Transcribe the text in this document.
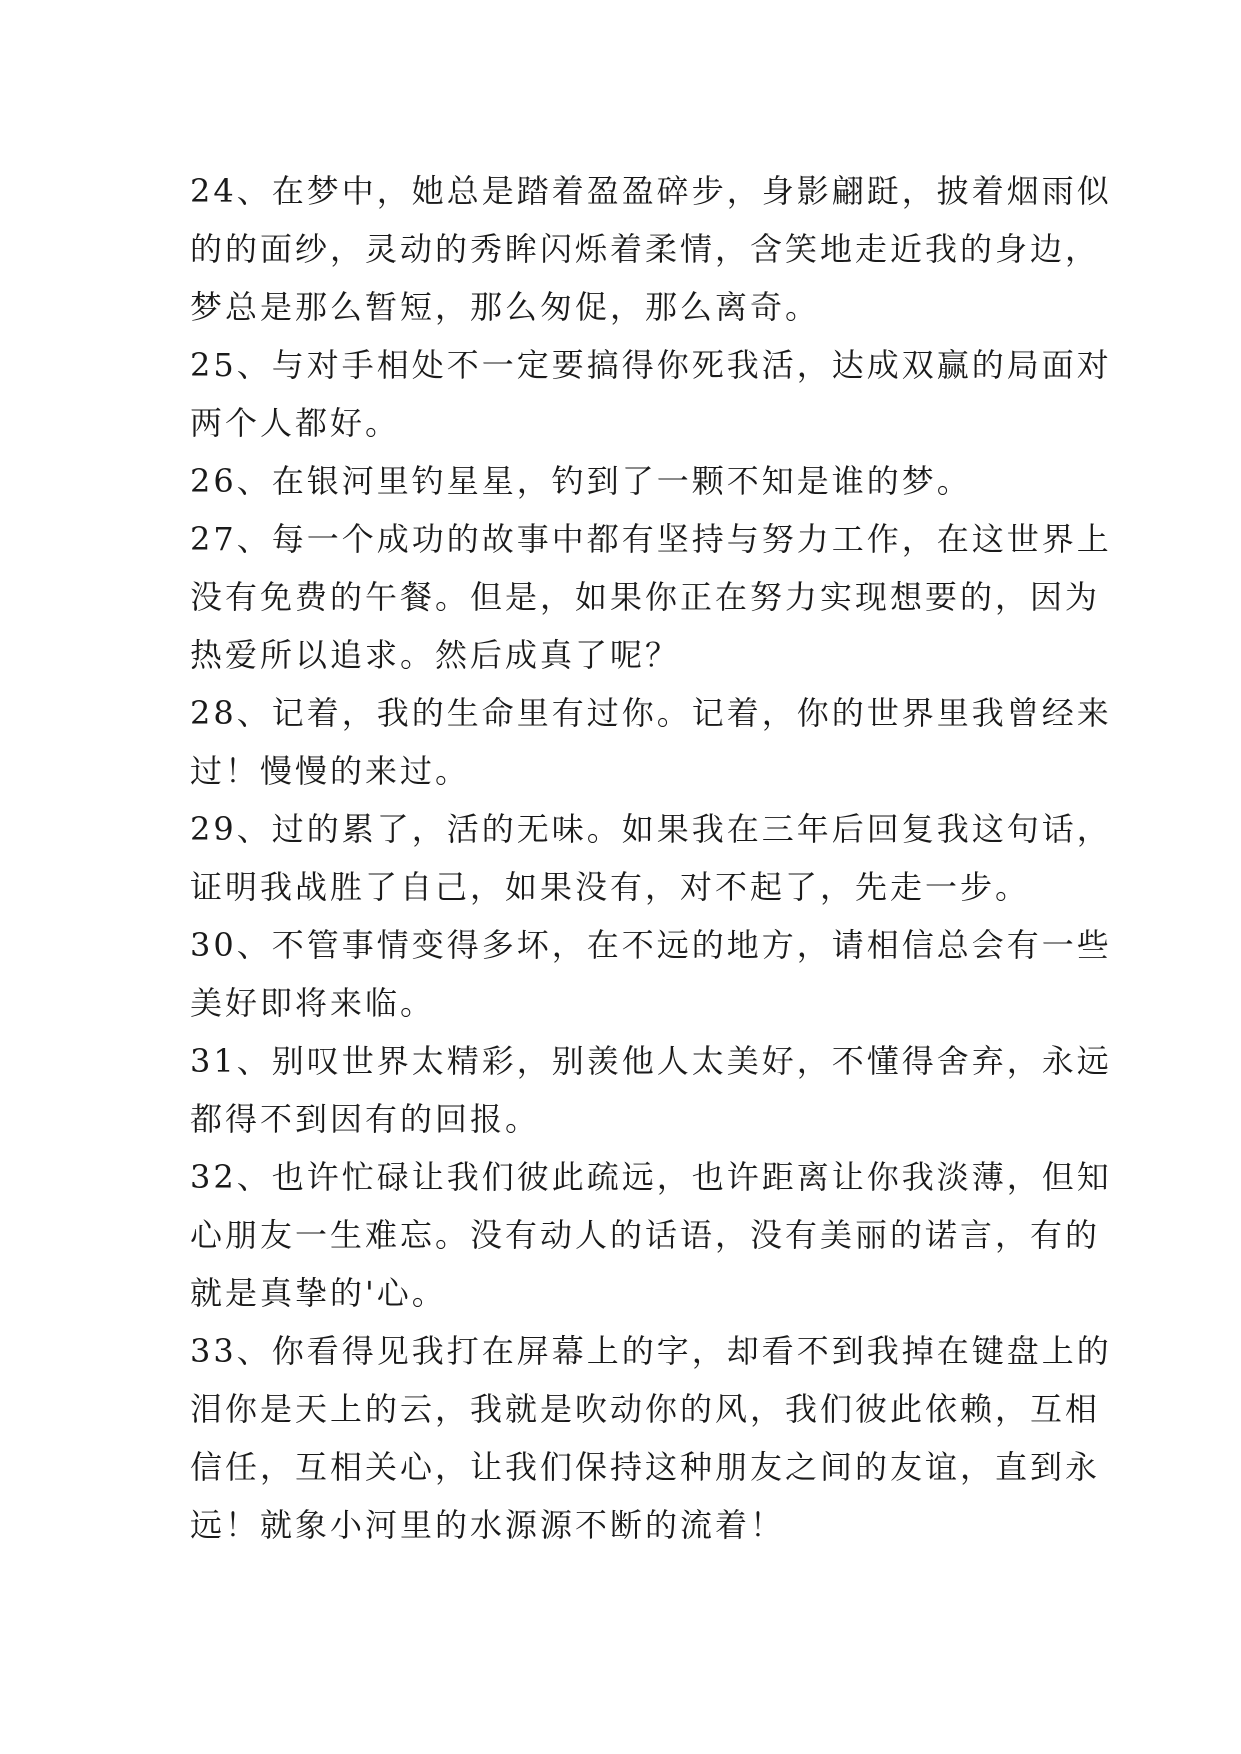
24、在梦中，她总是踏着盈盈碎步，身影翩跹，披着烟雨似
的的面纱，灵动的秀眸闪烁着柔情，含笑地走近我的身边，
梦总是那么暂短，那么匆促，那么离奇。
25、与对手相处不一定要搞得你死我活，达成双赢的局面对
两个人都好。
26、在银河里钓星星，钓到了一颗不知是谁的梦。
27、每一个成功的故事中都有坚持与努力工作，在这世界上
没有免费的午餐。但是，如果你正在努力实现想要的，因为
热爱所以追求。然后成真了呢？
28、记着，我的生命里有过你。记着，你的世界里我曾经来
过！慢慢的来过。
29、过的累了，活的无味。如果我在三年后回复我这句话，
证明我战胜了自己，如果没有，对不起了，先走一步。
30、不管事情变得多坏，在不远的地方，请相信总会有一些
美好即将来临。
31、别叹世界太精彩，别羡他人太美好，不懂得舍弃，永远
都得不到因有的回报。
32、也许忙碌让我们彼此疏远，也许距离让你我淡薄，但知
心朋友一生难忘。没有动人的话语，没有美丽的诺言，有的
就是真挚的'心。
33、你看得见我打在屏幕上的字，却看不到我掉在键盘上的
泪你是天上的云，我就是吹动你的风，我们彼此依赖，互相
信任，互相关心，让我们保持这种朋友之间的友谊，直到永
远！就象小河里的水源源不断的流着！
